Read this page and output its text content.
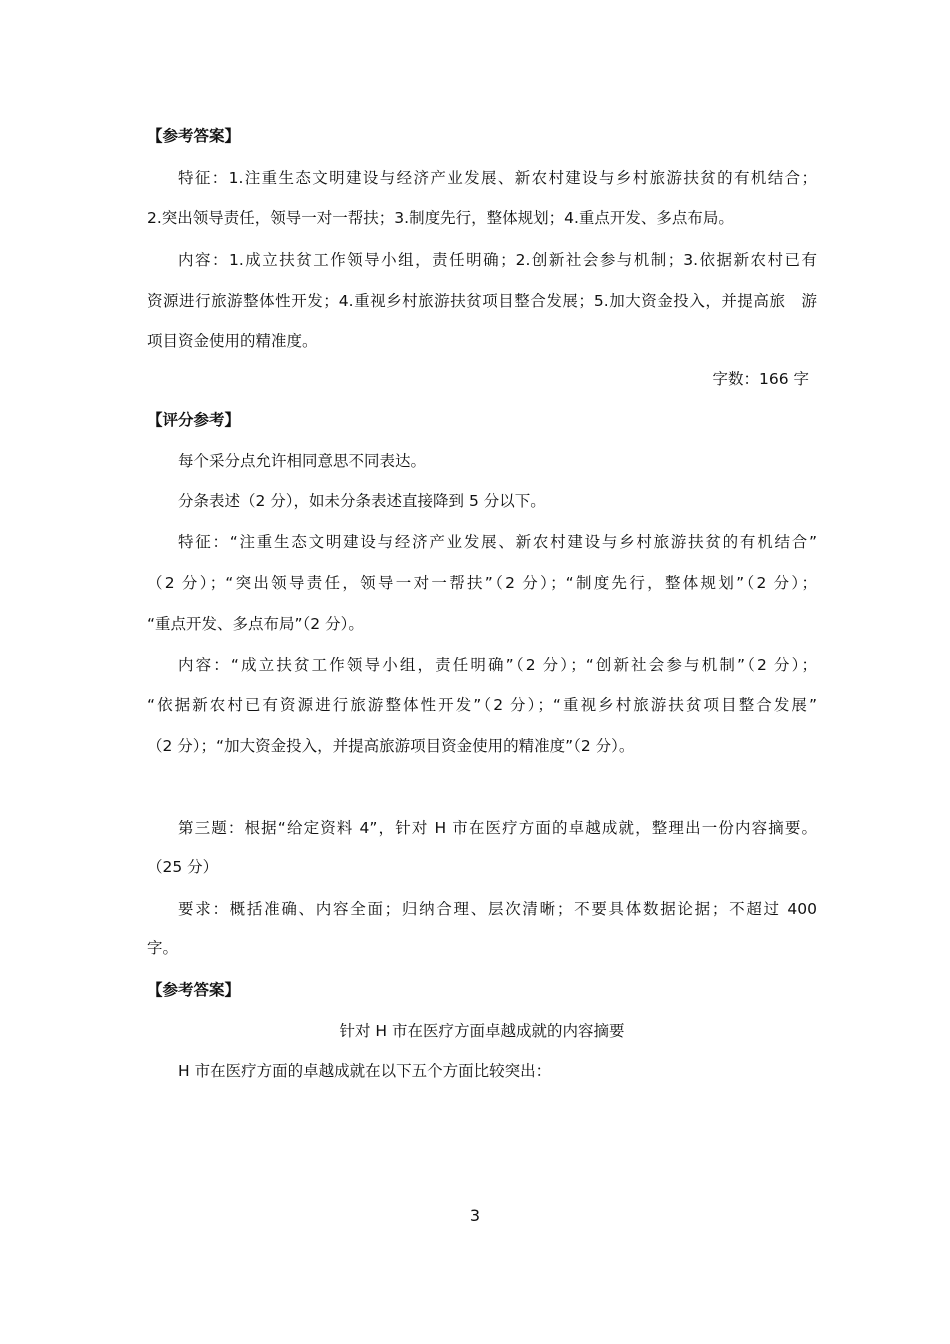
【参考答案】
特征：1.注重生态文明建设与经济产业发展、新农村建设与乡村旅游扶贫的有机结合；
2.突出领导责任，领导一对一帮扶；3.制度先行，整体规划；4.重点开发、多点布局。
内容：1.成立扶贫工作领导小组，责任明确；2.创新社会参与机制；3.依据新农村已有
资源进行旅游整体性开发；4.重视乡村旅游扶贫项目整合发展；5.加大资金投入，并提高旅　游
项目资金使用的精准度。
字数：166 字
【评分参考】
每个采分点允许相同意思不同表达。
分条表述（2 分），如未分条表述直接降到 5 分以下。
特征：“注重生态文明建设与经济产业发展、新农村建设与乡村旅游扶贫的有机结合”
（2 分）；“突出领导责任，领导一对一帮扶”（2 分）；“制度先行，整体规划”（2 分）；
“重点开发、多点布局”（2 分）。
内容：“成立扶贫工作领导小组，责任明确”（2 分）；“创新社会参与机制”（2 分）；
“依据新农村已有资源进行旅游整体性开发”（2 分）；“重视乡村旅游扶贫项目整合发展”
（2 分）；“加大资金投入，并提高旅游项目资金使用的精准度”（2 分）。
第三题：根据“给定资料 4”，针对 H 市在医疗方面的卓越成就，整理出一份内容摘要。
（25 分）
要求：概括准确、内容全面；归纳合理、层次清晰；不要具体数据论据；不超过 400
字。
【参考答案】
针对 H 市在医疗方面卓越成就的内容摘要
H 市在医疗方面的卓越成就在以下五个方面比较突出：
3
